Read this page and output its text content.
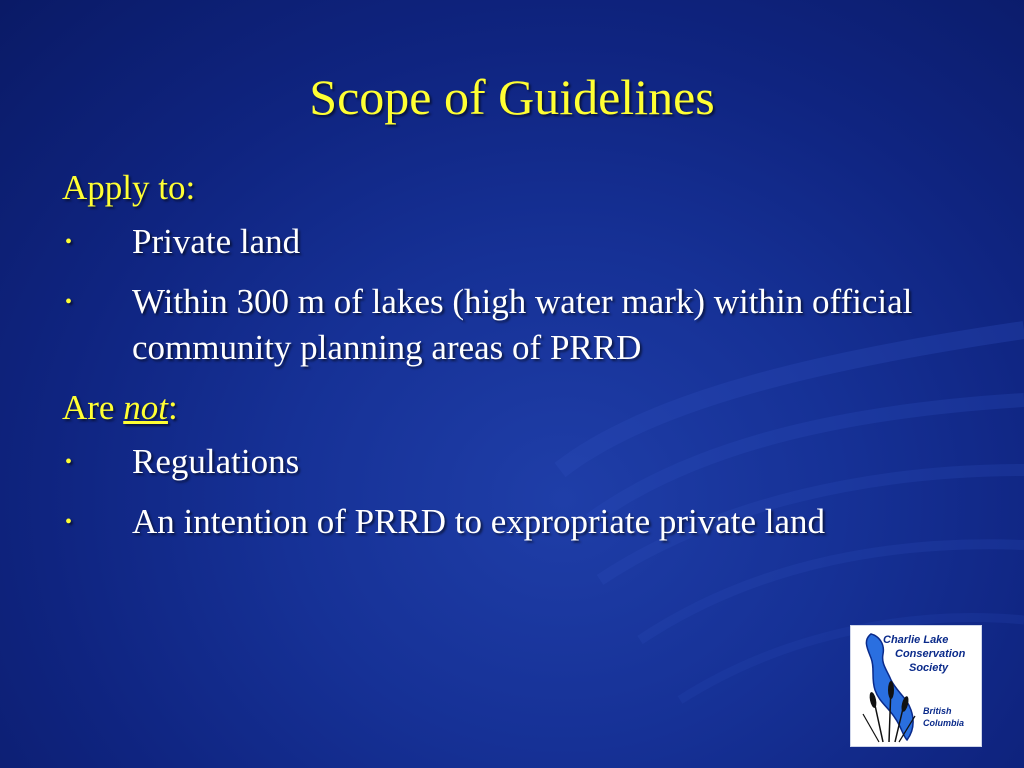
Scope of Guidelines

Apply to:

• Private land
• Within 300 m of lakes (high water mark) within official community planning areas of PRRD

Are not:

• Regulations
• An intention of PRRD to expropriate private land
Charlie Lake
Conservation
Society
British
Columbia
